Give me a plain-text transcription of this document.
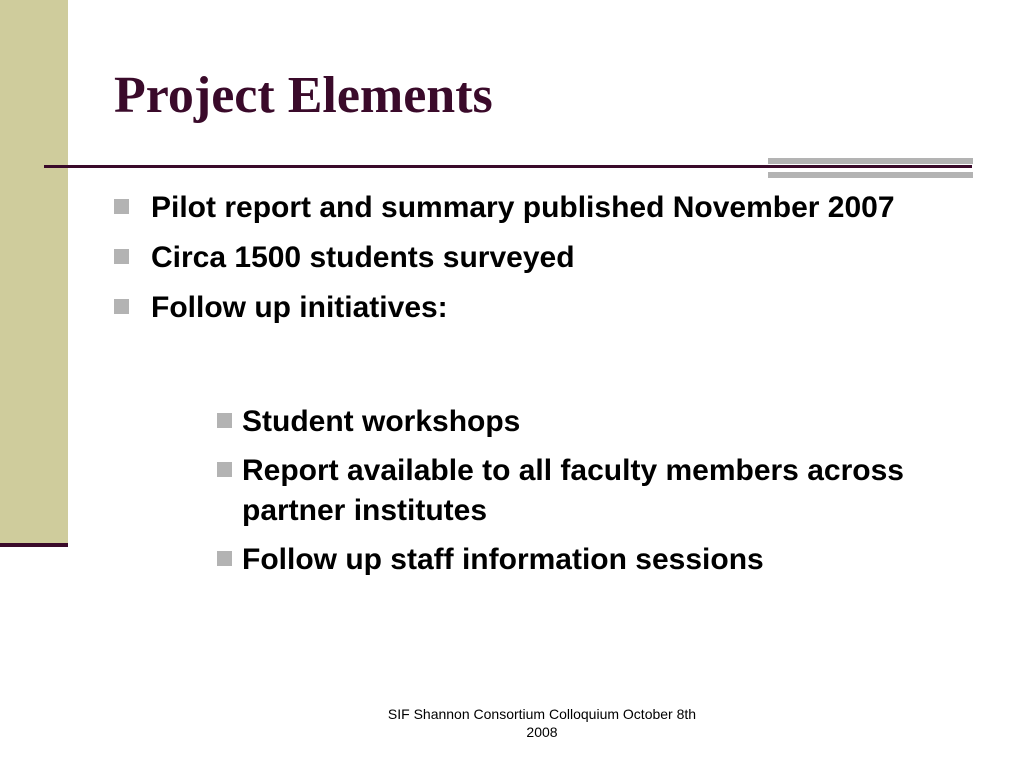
Project Elements
Pilot report and summary published November 2007
Circa 1500 students surveyed
Follow up initiatives:
Student workshops
Report available to all faculty members across partner institutes
Follow up staff information sessions
SIF Shannon Consortium Colloquium October 8th
2008
